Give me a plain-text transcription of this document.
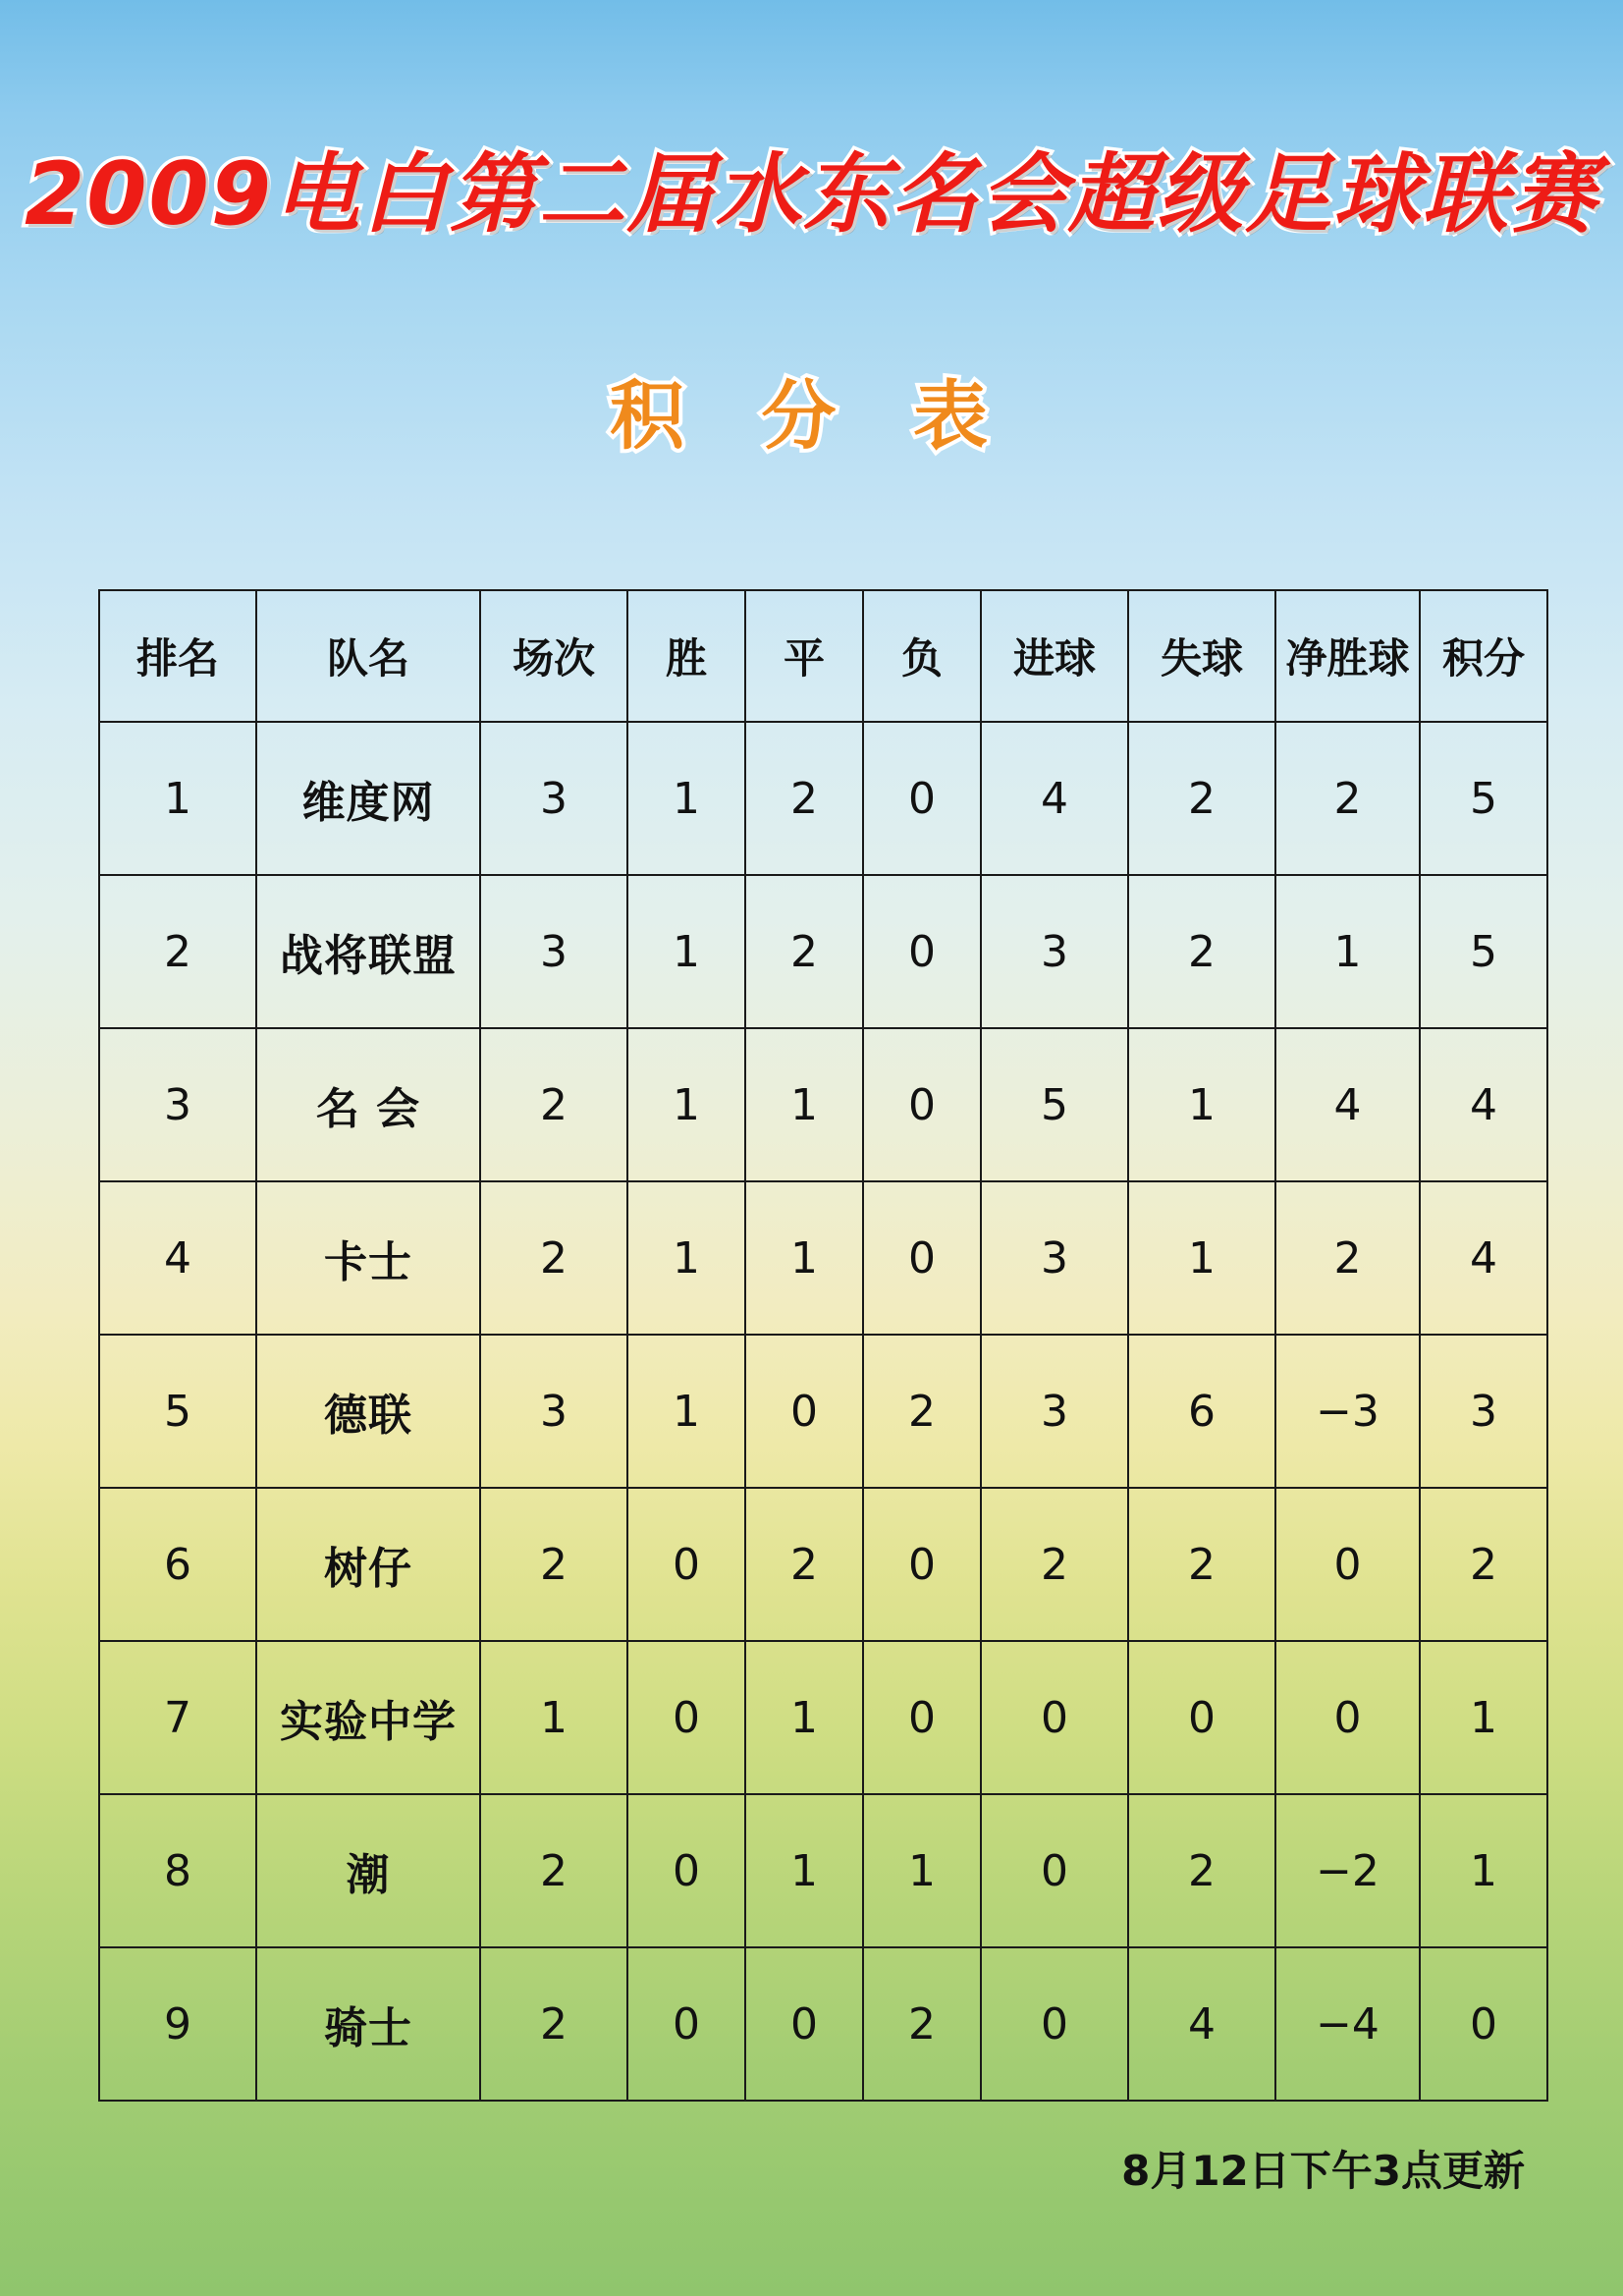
2009电白第二届水东名会超级足球联赛
积 分 表
排名	队名	场次	胜	平	负	进球	失球	净胜球	积分
1	维度网	3	1	2	0	4	2	2	5
2	战将联盟	3	1	2	0	3	2	1	5
3	名 会	2	1	1	0	5	1	4	4
4	卡士	2	1	1	0	3	1	2	4
5	德联	3	1	0	2	3	6	−3	3
6	树仔	2	0	2	0	2	2	0	2
7	实验中学	1	0	1	0	0	0	0	1
8	潮	2	0	1	1	0	2	−2	1
9	骑士	2	0	0	2	0	4	−4	0
8月12日下午3点更新
